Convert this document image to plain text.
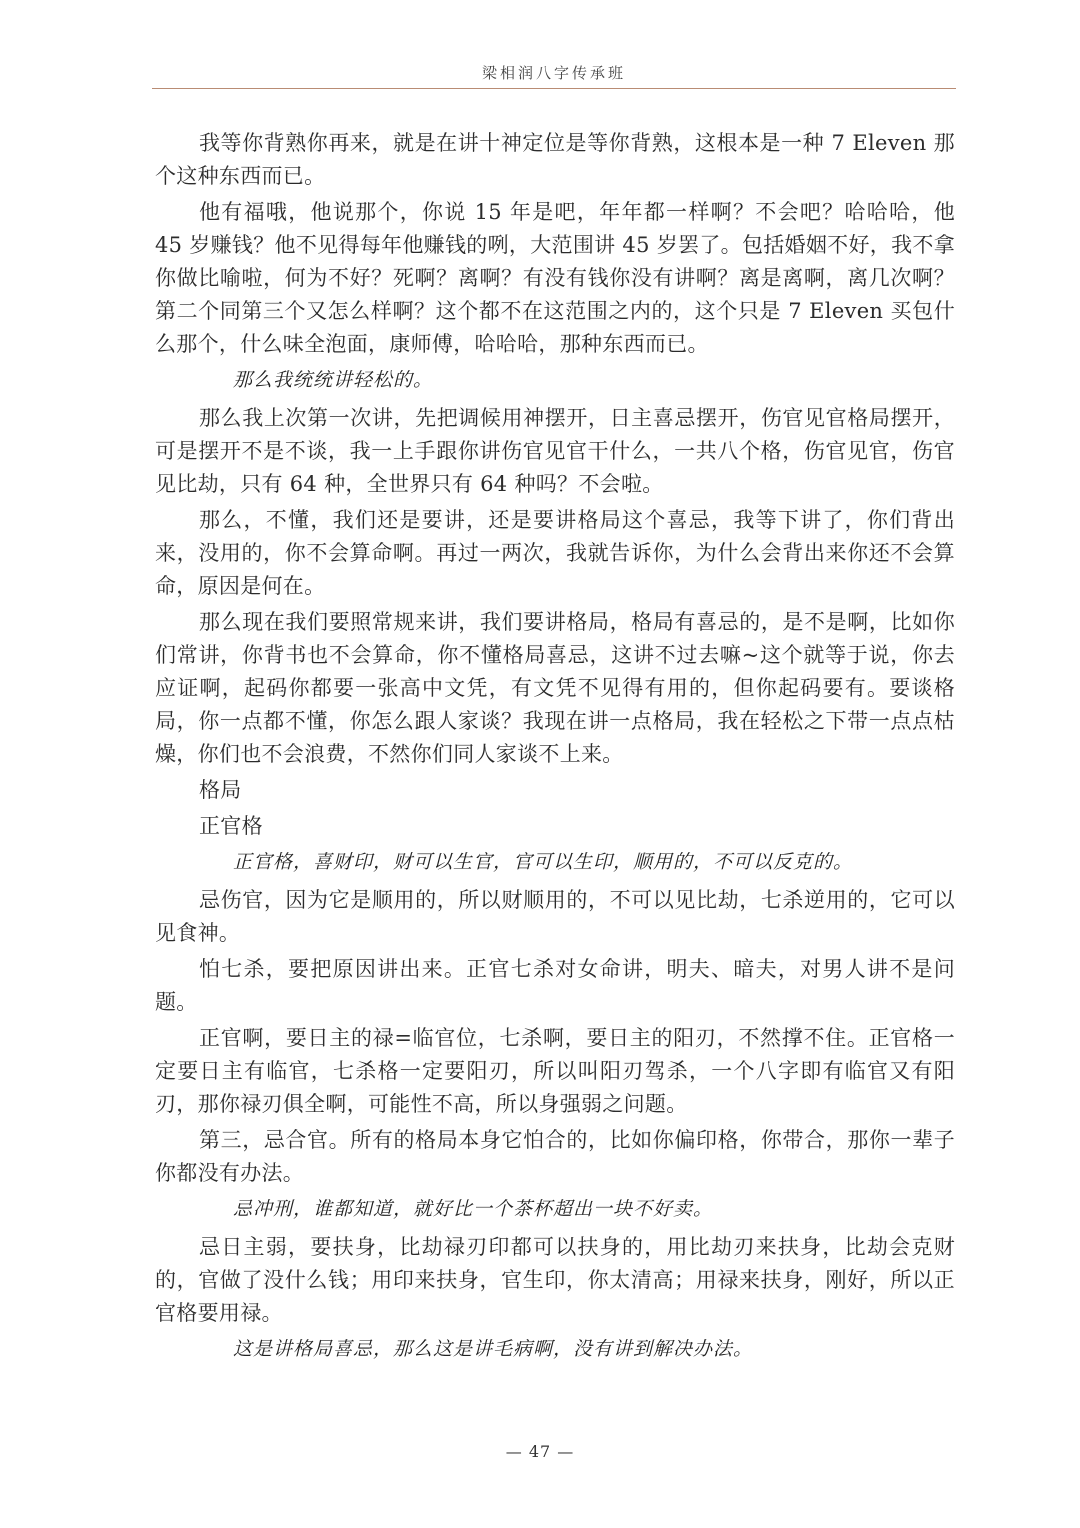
梁相润八字传承班

我等你背熟你再来，就是在讲十神定位是等你背熟，这根本是一种 7 Eleven 那个这种东西而已。

他有福哦，他说那个，你说 15 年是吧，年年都一样啊？不会吧？哈哈哈，他 45 岁赚钱？他不见得每年他赚钱的咧，大范围讲 45 岁罢了。包括婚姻不好，我不拿你做比喻啦，何为不好？死啊？离啊？有没有钱你没有讲啊？离是离啊，离几次啊？第二个同第三个又怎么样啊？这个都不在这范围之内的，这个只是 7 Eleven 买包什么那个，什么味全泡面，康师傅，哈哈哈，那种东西而已。

那么我统统讲轻松的。

那么我上次第一次讲，先把调候用神摆开，日主喜忌摆开，伤官见官格局摆开，可是摆开不是不谈，我一上手跟你讲伤官见官干什么，一共八个格，伤官见官，伤官见比劫，只有 64 种，全世界只有 64 种吗？不会啦。

那么，不懂，我们还是要讲，还是要讲格局这个喜忌，我等下讲了，你们背出来，没用的，你不会算命啊。再过一两次，我就告诉你，为什么会背出来你还不会算命，原因是何在。

那么现在我们要照常规来讲，我们要讲格局，格局有喜忌的，是不是啊，比如你们常讲，你背书也不会算命，你不懂格局喜忌，这讲不过去嘛~这个就等于说，你去应证啊，起码你都要一张高中文凭，有文凭不见得有用的，但你起码要有。要谈格局，你一点都不懂，你怎么跟人家谈？我现在讲一点格局，我在轻松之下带一点点枯燥，你们也不会浪费，不然你们同人家谈不上来。

格局

正官格

正官格，喜财印，财可以生官，官可以生印，顺用的，不可以反克的。

忌伤官，因为它是顺用的，所以财顺用的，不可以见比劫，七杀逆用的，它可以见食神。

怕七杀，要把原因讲出来。正官七杀对女命讲，明夫、暗夫，对男人讲不是问题。

正官啊，要日主的禄=临官位，七杀啊，要日主的阳刃，不然撑不住。正官格一定要日主有临官，七杀格一定要阳刃，所以叫阳刃驾杀，一个八字即有临官又有阳刃，那你禄刃俱全啊，可能性不高，所以身强弱之问题。

第三，忌合官。所有的格局本身它怕合的，比如你偏印格，你带合，那你一辈子你都没有办法。

忌冲刑，谁都知道，就好比一个茶杯超出一块不好卖。

忌日主弱，要扶身，比劫禄刃印都可以扶身的，用比劫刃来扶身，比劫会克财的，官做了没什么钱；用印来扶身，官生印，你太清高；用禄来扶身，刚好，所以正官格要用禄。

这是讲格局喜忌，那么这是讲毛病啊，没有讲到解决办法。

— 47 —
